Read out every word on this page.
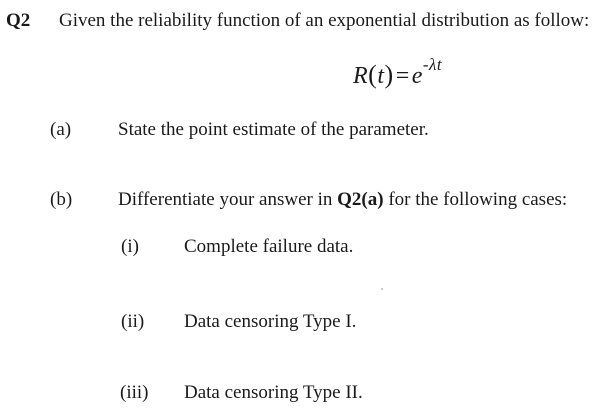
Q2 Given the reliability function of an exponential distribution as follow:
$R(t)=e^{-\lambda t}$
(a) State the point estimate of the parameter.
(b) Differentiate your answer in Q2(a) for the following cases:
(i) Complete failure data.
(ii) Data censoring Type I.
(iii) Data censoring Type II.
